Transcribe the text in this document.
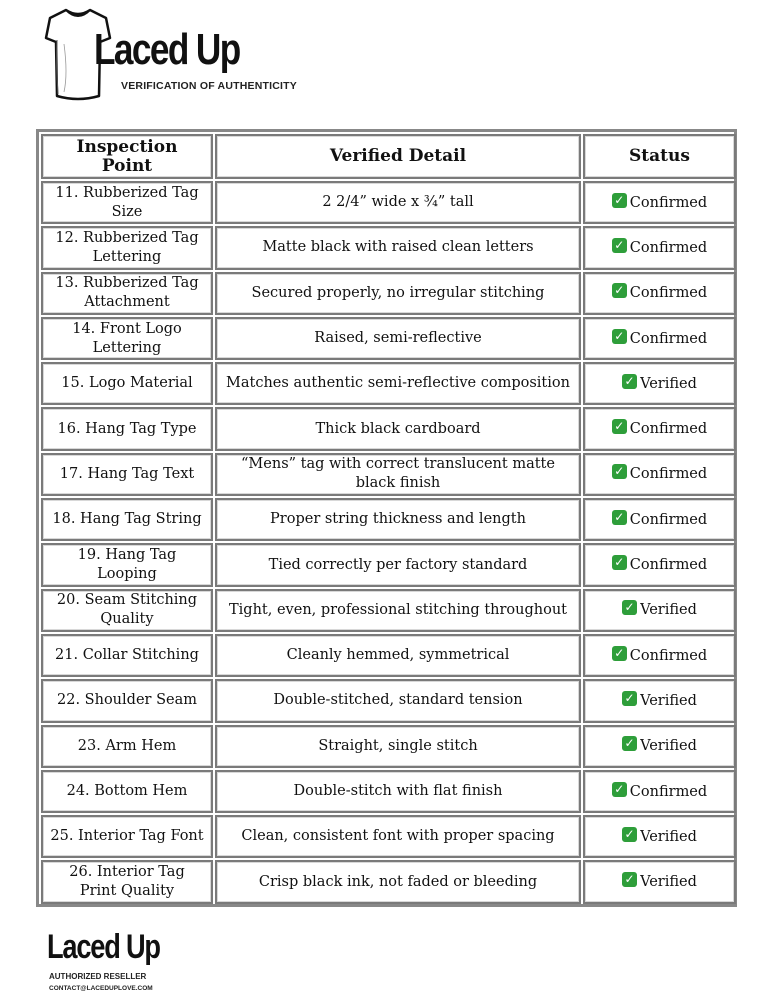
Laced Up
VERIFICATION OF AUTHENTICITY
Inspection Point	Verified Detail	Status
11. Rubberized Tag Size	2 2/4” wide x ¾” tall	✓ Confirmed
12. Rubberized Tag Lettering	Matte black with raised clean letters	✓ Confirmed
13. Rubberized Tag Attachment	Secured properly, no irregular stitching	✓ Confirmed
14. Front Logo Lettering	Raised, semi-reflective	✓ Confirmed
15. Logo Material	Matches authentic semi-reflective composition	✓ Verified
16. Hang Tag Type	Thick black cardboard	✓ Confirmed
17. Hang Tag Text	“Mens” tag with correct translucent matte black finish	✓ Confirmed
18. Hang Tag String	Proper string thickness and length	✓ Confirmed
19. Hang Tag Looping	Tied correctly per factory standard	✓ Confirmed
20. Seam Stitching Quality	Tight, even, professional stitching throughout	✓ Verified
21. Collar Stitching	Cleanly hemmed, symmetrical	✓ Confirmed
22. Shoulder Seam	Double-stitched, standard tension	✓ Verified
23. Arm Hem	Straight, single stitch	✓ Verified
24. Bottom Hem	Double-stitch with flat finish	✓ Confirmed
25. Interior Tag Font	Clean, consistent font with proper spacing	✓ Verified
26. Interior Tag Print Quality	Crisp black ink, not faded or bleeding	✓ Verified
Laced Up
AUTHORIZED RESELLER
CONTACT@LACEDUPLOVE.COM
